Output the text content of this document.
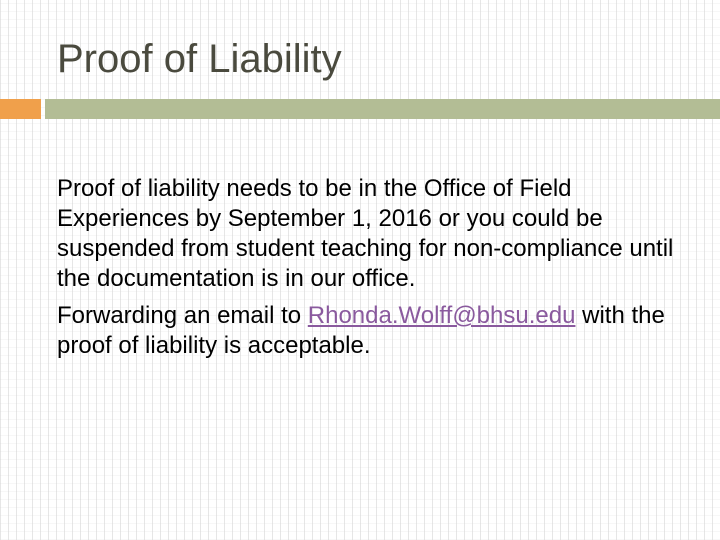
Proof of Liability

Proof of liability needs to be in the Office of Field Experiences by September 1, 2016 or you could be suspended from student teaching for non-compliance until the documentation is in our office.

Forwarding an email to Rhonda.Wolff@bhsu.edu with the proof of liability is acceptable.
